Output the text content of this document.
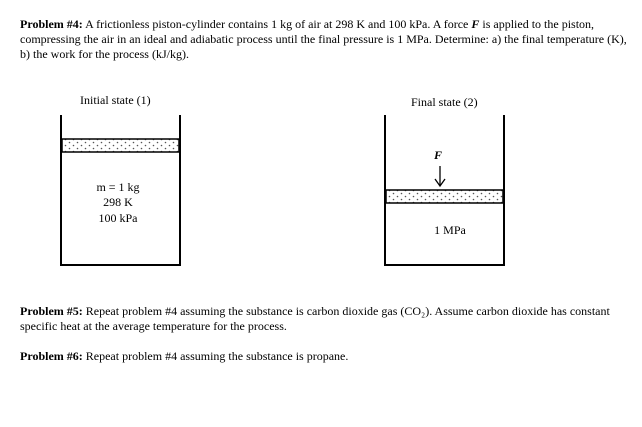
Problem #4: A frictionless piston-cylinder contains 1 kg of air at 298 K and 100 kPa. A force F is applied to the piston, compressing the air in an ideal and adiabatic process until the final pressure is 1 MPa. Determine: a) the final temperature (K), b) the work for the process (kJ/kg).

Initial state (1)	Final state (2)
m = 1 kg
298 K
100 kPa
1 MPa
F

Problem #5: Repeat problem #4 assuming the substance is carbon dioxide gas (CO₂). Assume carbon dioxide has constant specific heat at the average temperature for the process.

Problem #6: Repeat problem #4 assuming the substance is propane.
